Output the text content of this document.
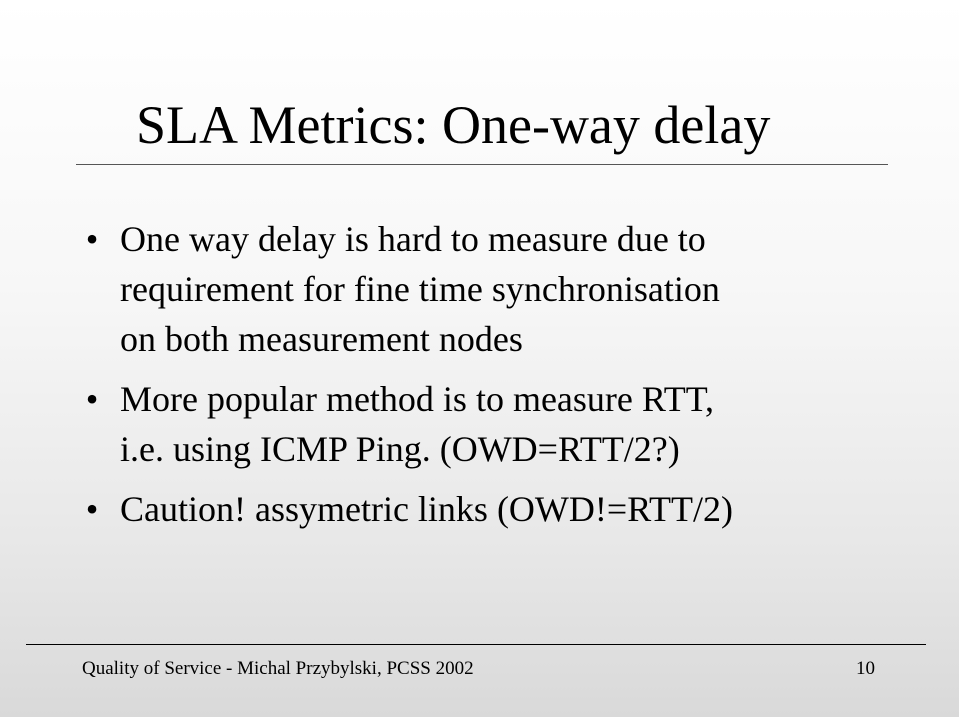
SLA Metrics: One-way delay
• One way delay is hard to measure due to
requirement for fine time synchronisation
on both measurement nodes
• More popular method is to measure RTT,
i.e. using ICMP Ping. (OWD=RTT/2?)
• Caution! assymetric links (OWD!=RTT/2)
Quality of Service - Michal Przybylski, PCSS 2002	10
